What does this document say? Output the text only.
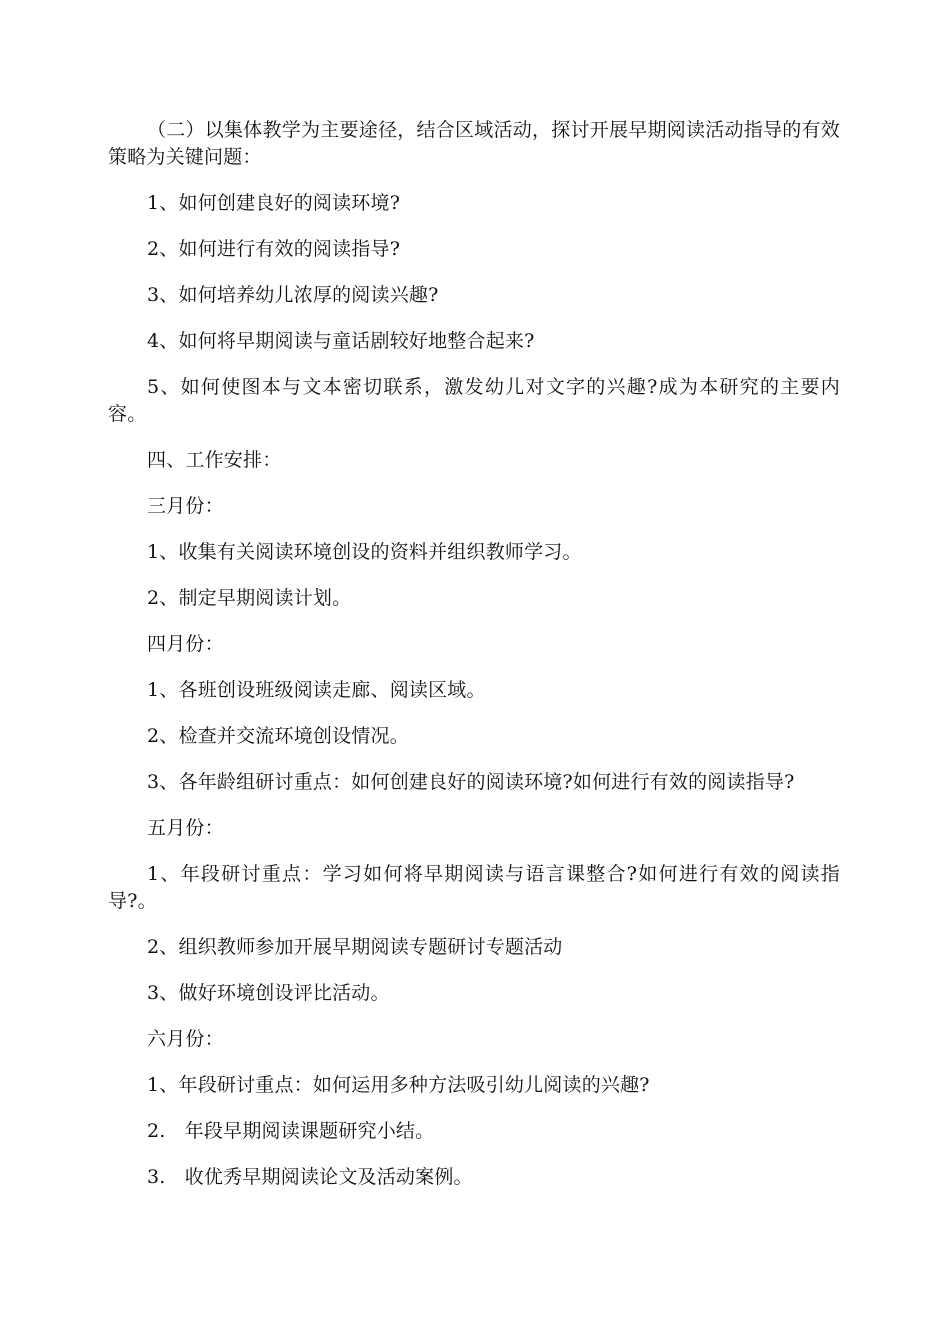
（二）以集体教学为主要途径，结合区域活动，探讨开展早期阅读活动指导的有效策略为关键问题：

1、如何创建良好的阅读环境?

2、如何进行有效的阅读指导?

3、如何培养幼儿浓厚的阅读兴趣?

4、如何将早期阅读与童话剧较好地整合起来?

5、如何使图本与文本密切联系，激发幼儿对文字的兴趣?成为本研究的主要内容。

四、工作安排：

三月份：

1、收集有关阅读环境创设的资料并组织教师学习。

2、制定早期阅读计划。

四月份：

1、各班创设班级阅读走廊、阅读区域。

2、检查并交流环境创设情况。

3、各年龄组研讨重点：如何创建良好的阅读环境?如何进行有效的阅读指导?

五月份：

1、年段研讨重点：学习如何将早期阅读与语言课整合?如何进行有效的阅读指导?。

2、组织教师参加开展早期阅读专题研讨专题活动

3、做好环境创设评比活动。

六月份：

1、年段研讨重点：如何运用多种方法吸引幼儿阅读的兴趣?

2.　年段早期阅读课题研究小结。

3.　收优秀早期阅读论文及活动案例。
